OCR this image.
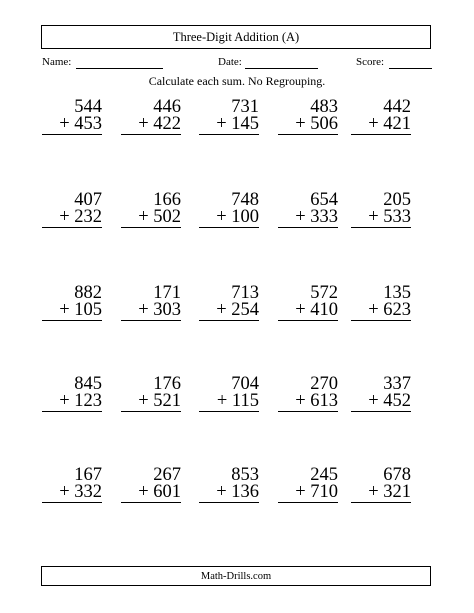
Three-Digit Addition (A)
Name:	Date:	Score:
Calculate each sum. No Regrouping.
544
+ 453
446
+ 422
731
+ 145
483
+ 506
442
+ 421
407
+ 232
166
+ 502
748
+ 100
654
+ 333
205
+ 533
882
+ 105
171
+ 303
713
+ 254
572
+ 410
135
+ 623
845
+ 123
176
+ 521
704
+ 115
270
+ 613
337
+ 452
167
+ 332
267
+ 601
853
+ 136
245
+ 710
678
+ 321
Math-Drills.com
